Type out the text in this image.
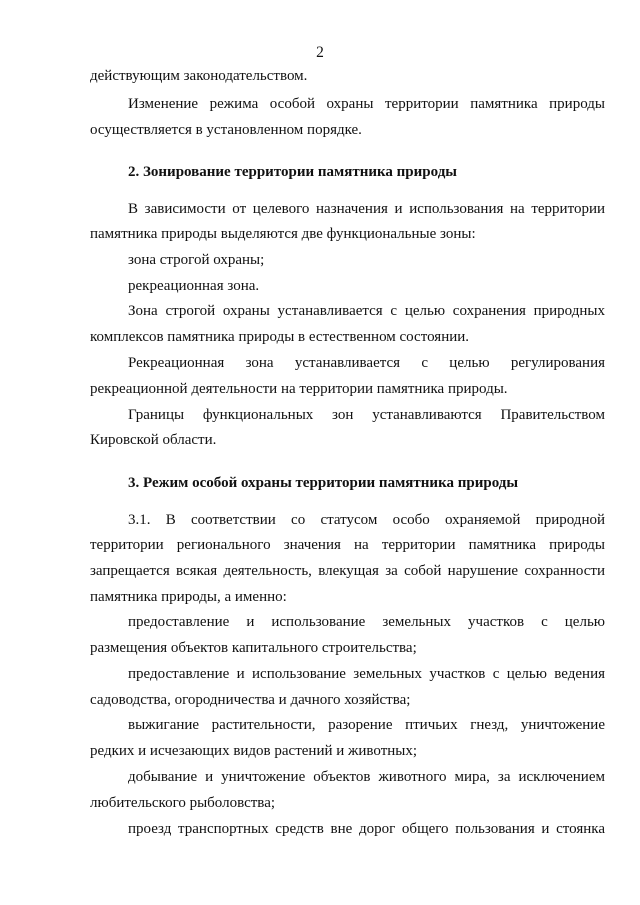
2

действующим законодательством.

Изменение режима особой охраны территории памятника природы

осуществляется в установленном порядке.

2. Зонирование территории памятника природы

В зависимости от целевого назначения и использования на территории

памятника природы выделяются две функциональные зоны:

зона строгой охраны;

рекреационная зона.

Зона строгой охраны устанавливается с целью сохранения природных

комплексов памятника природы в естественном состоянии.

Рекреационная зона устанавливается с целью регулирования

рекреационной деятельности на территории памятника природы.

Границы функциональных зон устанавливаются Правительством

Кировской области.

3. Режим особой охраны территории памятника природы

3.1. В соответствии со статусом особо охраняемой природной

территории регионального значения на территории памятника природы

запрещается всякая деятельность, влекущая за собой нарушение сохранности

памятника природы, а именно:

предоставление и использование земельных участков с целью

размещения объектов капитального строительства;

предоставление и использование земельных участков с целью ведения

садоводства, огородничества и дачного хозяйства;

выжигание растительности, разорение птичьих гнезд, уничтожение

редких и исчезающих видов растений и животных;

добывание и уничтожение объектов животного мира, за исключением

любительского рыболовства;

проезд транспортных средств вне дорог общего пользования и стоянка
